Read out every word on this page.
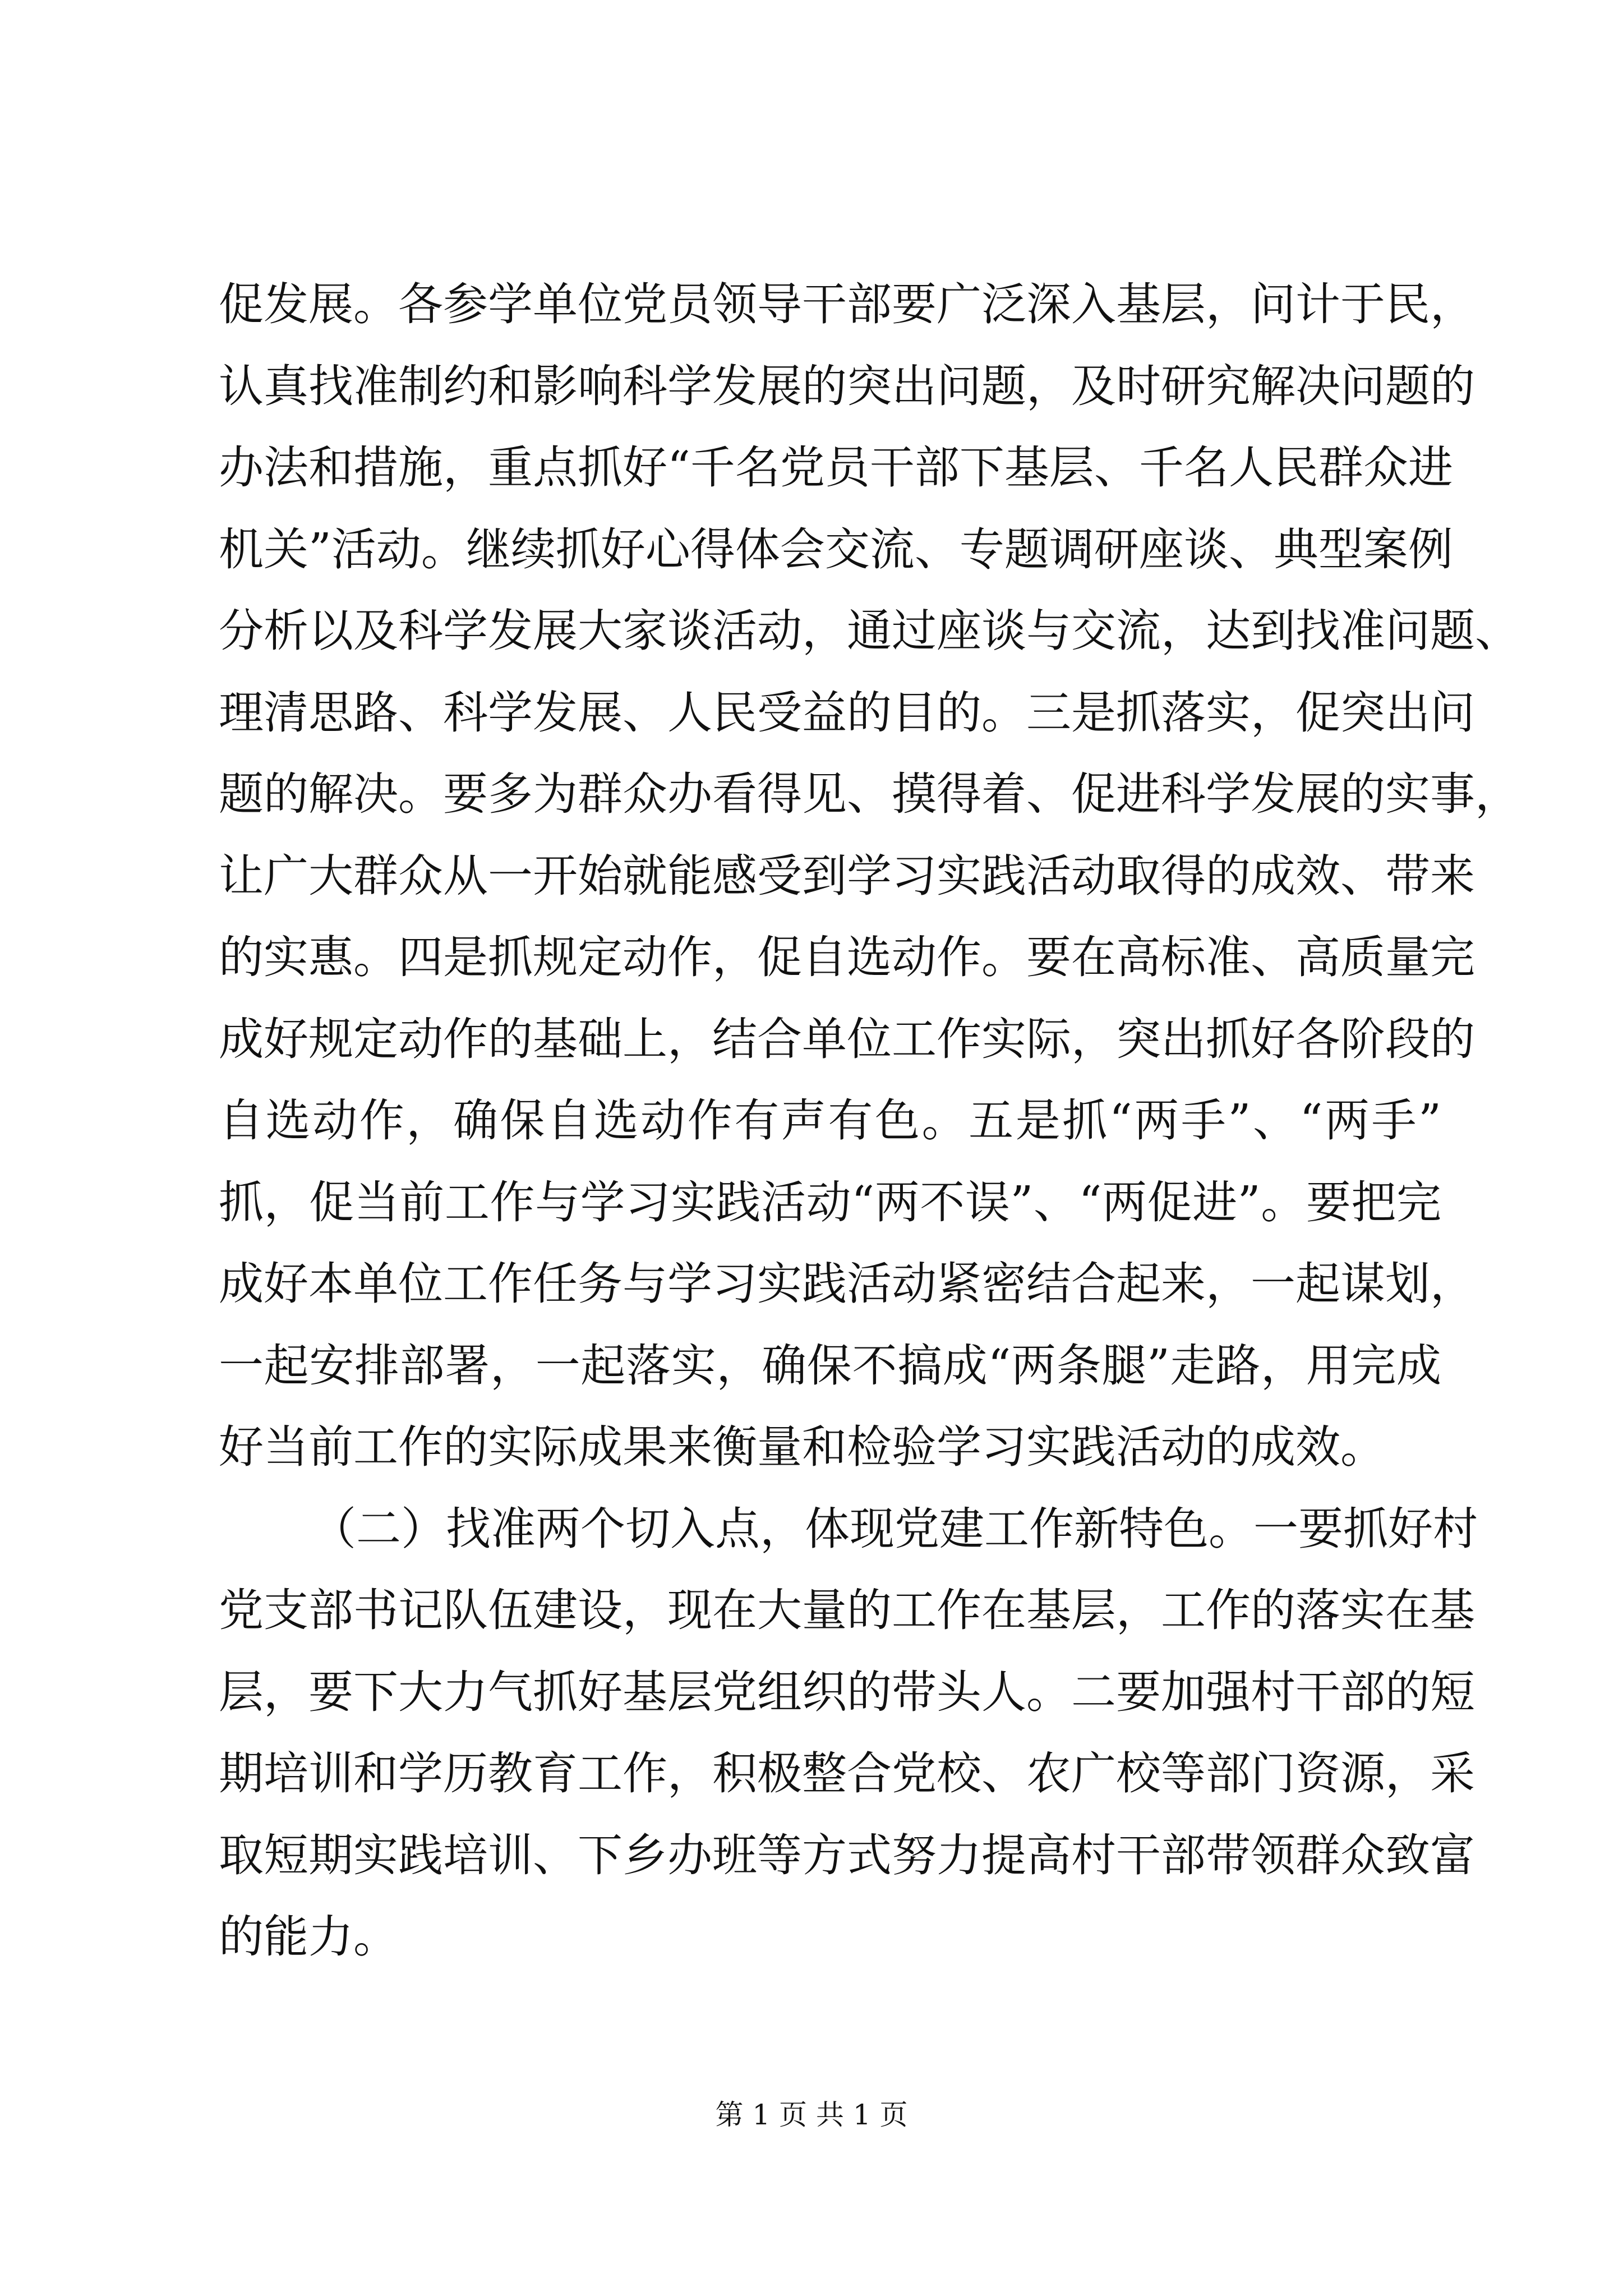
促发展。各参学单位党员领导干部要广泛深入基层，问计于民，
认真找准制约和影响科学发展的突出问题，及时研究解决问题的
办法和措施，重点抓好“千名党员干部下基层、千名人民群众进
机关”活动。继续抓好心得体会交流、专题调研座谈、典型案例
分析以及科学发展大家谈活动，通过座谈与交流，达到找准问题、
理清思路、科学发展、人民受益的目的。三是抓落实，促突出问
题的解决。要多为群众办看得见、摸得着、促进科学发展的实事，
让广大群众从一开始就能感受到学习实践活动取得的成效、带来
的实惠。四是抓规定动作，促自选动作。要在高标准、高质量完
成好规定动作的基础上，结合单位工作实际，突出抓好各阶段的
自选动作，确保自选动作有声有色。五是抓“两手”、“两手”
抓，促当前工作与学习实践活动“两不误”、“两促进”。要把完
成好本单位工作任务与学习实践活动紧密结合起来，一起谋划，
一起安排部署，一起落实，确保不搞成“两条腿”走路，用完成
好当前工作的实际成果来衡量和检验学习实践活动的成效。
（二）找准两个切入点，体现党建工作新特色。一要抓好村
党支部书记队伍建设，现在大量的工作在基层，工作的落实在基
层，要下大力气抓好基层党组织的带头人。二要加强村干部的短
期培训和学历教育工作，积极整合党校、农广校等部门资源，采
取短期实践培训、下乡办班等方式努力提高村干部带领群众致富
的能力。
第 1 页 共 1 页
